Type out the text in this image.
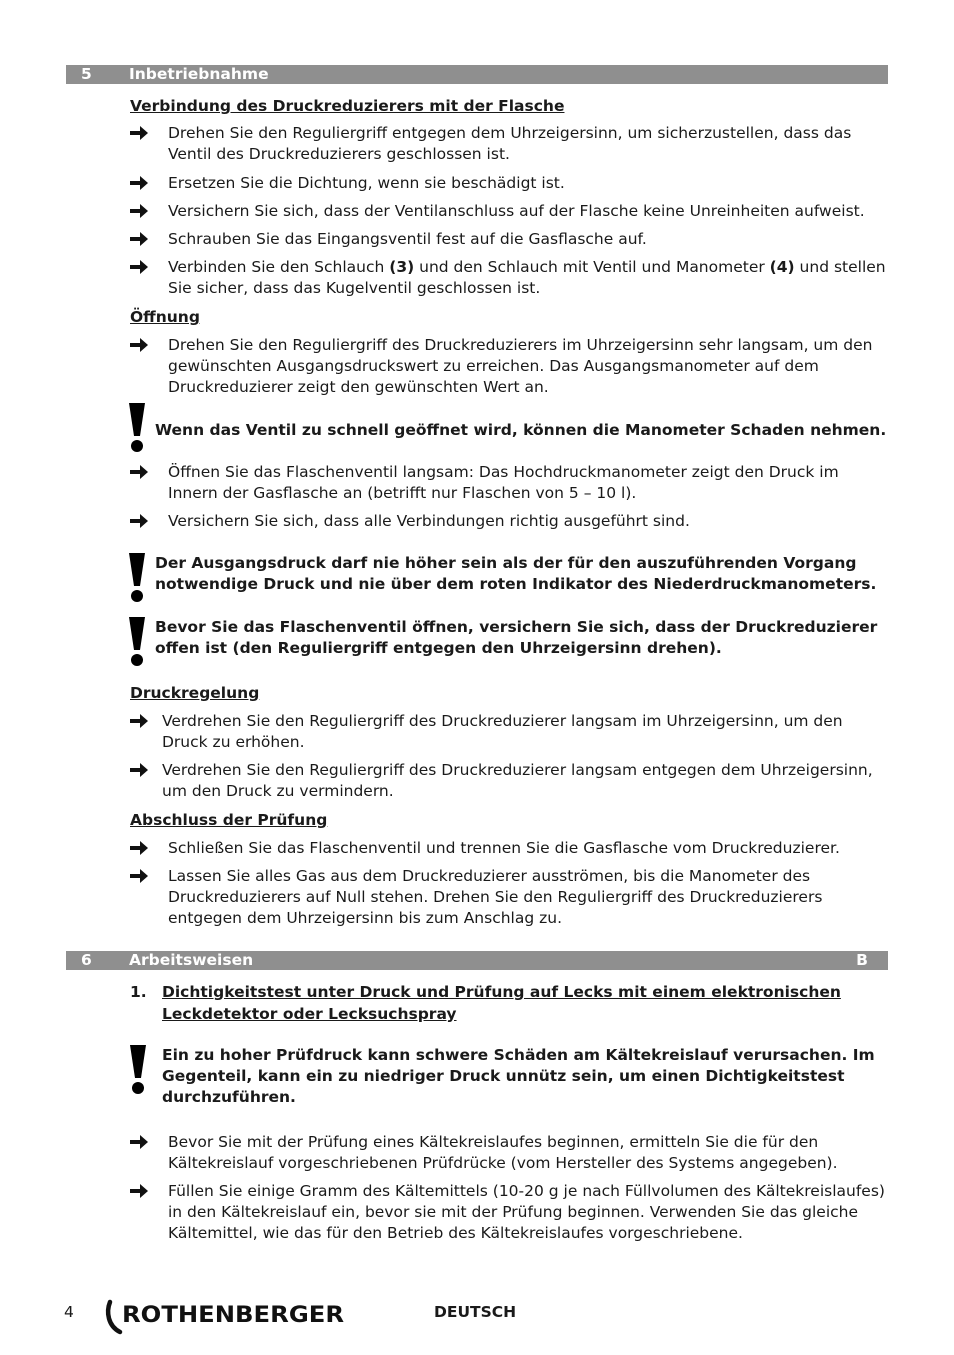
5 Inbetriebnahme
Verbindung des Druckreduzierers mit der Flasche
Drehen Sie den Reguliergriff entgegen dem Uhrzeigersinn, um sicherzustellen, dass das Ventil des Druckreduzierers geschlossen ist.
Ersetzen Sie die Dichtung, wenn sie beschädigt ist.
Versichern Sie sich, dass der Ventilanschluss auf der Flasche keine Unreinheiten aufweist.
Schrauben Sie das Eingangsventil fest auf die Gasflasche auf.
Verbinden Sie den Schlauch (3) und den Schlauch mit Ventil und Manometer (4) und stellen Sie sicher, dass das Kugelventil geschlossen ist.
Öffnung
Drehen Sie den Reguliergriff des Druckreduzierers im Uhrzeigersinn sehr langsam, um den gewünschten Ausgangsdruckswert zu erreichen. Das Ausgangsmanometer auf dem Druckreduzierer zeigt den gewünschten Wert an.
Wenn das Ventil zu schnell geöffnet wird, können die Manometer Schaden nehmen.
Öffnen Sie das Flaschenventil langsam: Das Hochdruckmanometer zeigt den Druck im Innern der Gasflasche an (betrifft nur Flaschen von 5 – 10 l).
Versichern Sie sich, dass alle Verbindungen richtig ausgeführt sind.
Der Ausgangsdruck darf nie höher sein als der für den auszuführenden Vorgang notwendige Druck und nie über dem roten Indikator des Niederdruckmanometers.
Bevor Sie das Flaschenventil öffnen, versichern Sie sich, dass der Druckreduzierer offen ist (den Reguliergriff entgegen den Uhrzeigersinn drehen).
Druckregelung
Verdrehen Sie den Reguliergriff des Druckreduzierer langsam im Uhrzeigersinn, um den Druck zu erhöhen.
Verdrehen Sie den Reguliergriff des Druckreduzierer langsam entgegen dem Uhrzeigersinn, um den Druck zu vermindern.
Abschluss der Prüfung
Schließen Sie das Flaschenventil und trennen Sie die Gasflasche vom Druckreduzierer.
Lassen Sie alles Gas aus dem Druckreduzierer ausströmen, bis die Manometer des Druckreduzierers auf Null stehen. Drehen Sie den Reguliergriff des Druckreduzierers entgegen dem Uhrzeigersinn bis zum Anschlag zu.
6 Arbeitsweisen	B
1. Dichtigkeitstest unter Druck und Prüfung auf Lecks mit einem elektronischen Leckdetektor oder Lecksuchspray
Ein zu hoher Prüfdruck kann schwere Schäden am Kältekreislauf verursachen. Im Gegenteil, kann ein zu niedriger Druck unnütz sein, um einen Dichtigkeitstest durchzuführen.
Bevor Sie mit der Prüfung eines Kältekreislaufes beginnen, ermitteln Sie die für den Kältekreislauf vorgeschriebenen Prüfdrücke (vom Hersteller des Systems angegeben).
Füllen Sie einige Gramm des Kältemittels (10-20 g je nach Füllvolumen des Kältekreislaufes) in den Kältekreislauf ein, bevor sie mit der Prüfung beginnen. Verwenden Sie das gleiche Kältemittel, wie das für den Betrieb des Kältekreislaufes vorgeschriebene.
4 ROTHENBERGER	DEUTSCH
